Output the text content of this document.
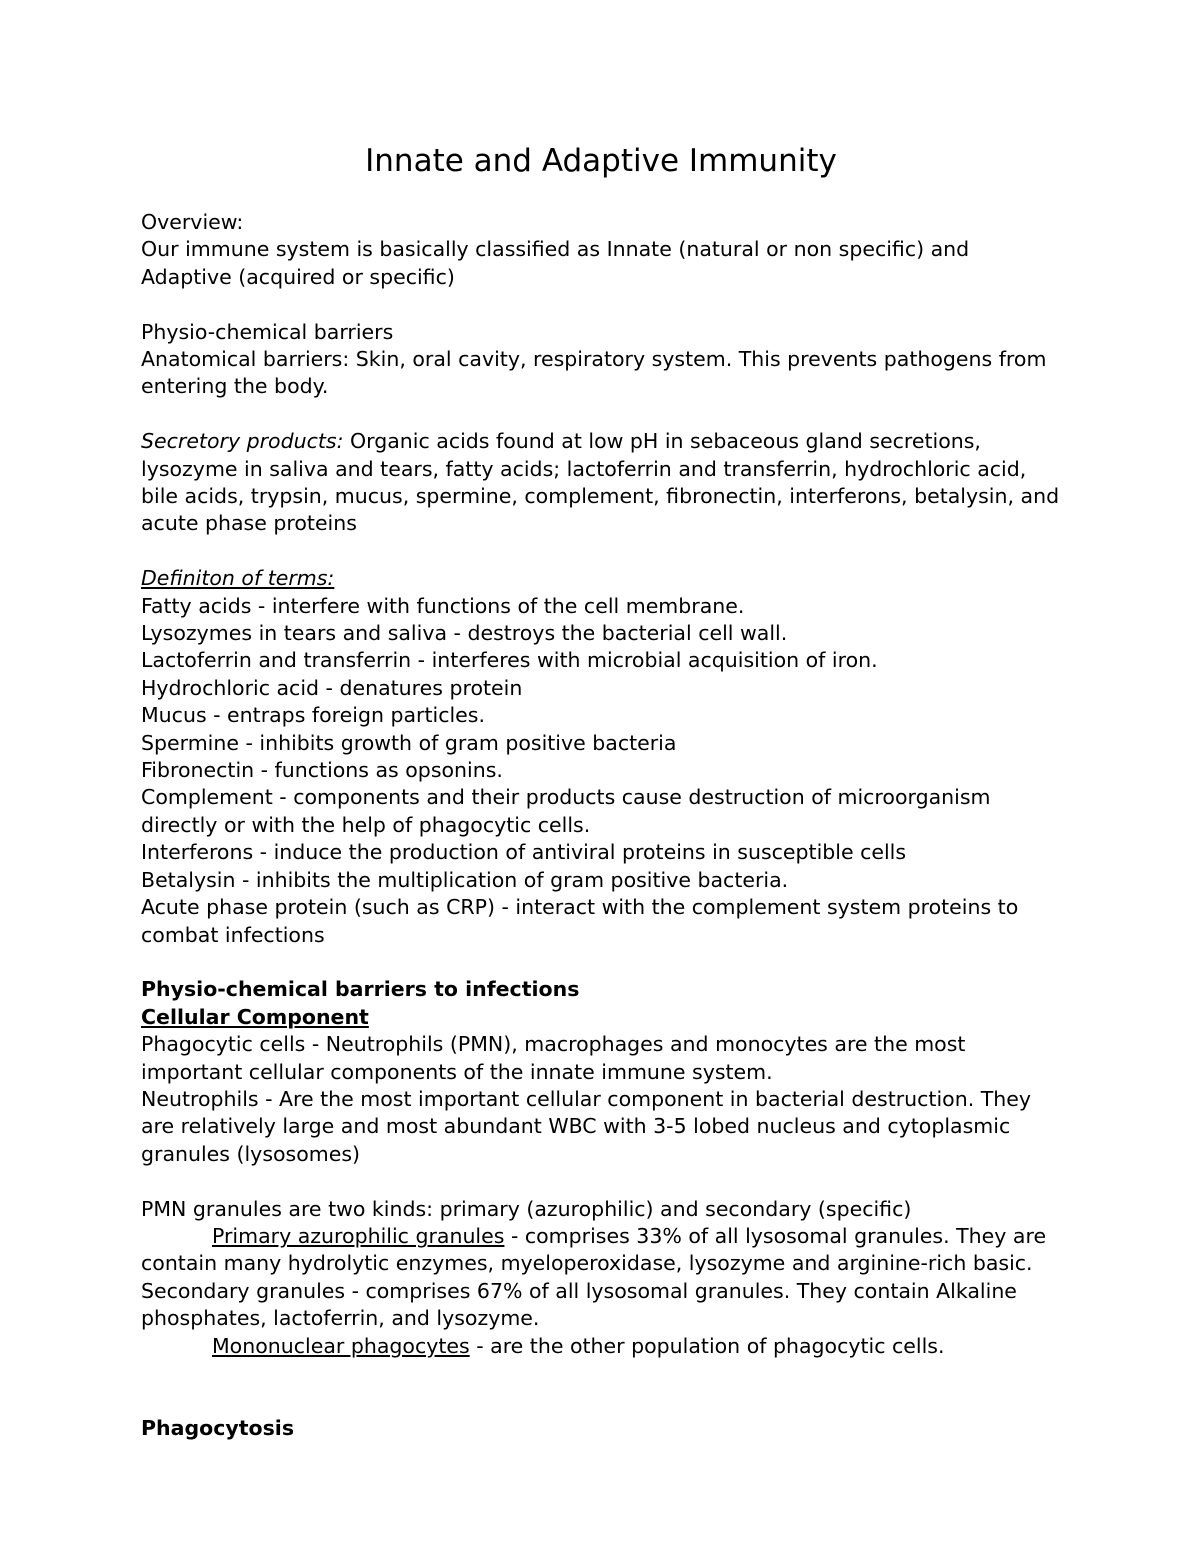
Innate and Adaptive Immunity

Overview:

Our immune system is basically classified as Innate (natural or non specific) and Adaptive (acquired or specific)

Physio-chemical barriers

Anatomical barriers: Skin, oral cavity, respiratory system. This prevents pathogens from entering the body.

Secretory products: Organic acids found at low pH in sebaceous gland secretions, lysozyme in saliva and tears, fatty acids; lactoferrin and transferrin, hydrochloric acid, bile acids, trypsin, mucus, spermine, complement, fibronectin, interferons, betalysin, and acute phase proteins

Definiton of terms:

Fatty acids - interfere with functions of the cell membrane.

Lysozymes in tears and saliva - destroys the bacterial cell wall.

Lactoferrin and transferrin - interferes with microbial acquisition of iron.

Hydrochloric acid - denatures protein

Mucus - entraps foreign particles.

Spermine - inhibits growth of gram positive bacteria

Fibronectin - functions as opsonins.

Complement - components and their products cause destruction of microorganism directly or with the help of phagocytic cells.

Interferons - induce the production of antiviral proteins in susceptible cells

Betalysin - inhibits the multiplication of gram positive bacteria.

Acute phase protein (such as CRP) - interact with the complement system proteins to combat infections

Physio-chemical barriers to infections

Cellular Component

Phagocytic cells - Neutrophils (PMN), macrophages and monocytes are the most important cellular components of the innate immune system.

Neutrophils - Are the most important cellular component in bacterial destruction. They are relatively large and most abundant WBC with 3-5 lobed nucleus and cytoplasmic granules (lysosomes)

PMN granules are two kinds: primary (azurophilic) and secondary (specific)

Primary azurophilic granules - comprises 33% of all lysosomal granules. They are contain many hydrolytic enzymes, myeloperoxidase, lysozyme and arginine-rich basic.

Secondary granules - comprises 67% of all lysosomal granules. They contain Alkaline phosphates, lactoferrin, and lysozyme.

Mononuclear phagocytes - are the other population of phagocytic cells.

Phagocytosis
